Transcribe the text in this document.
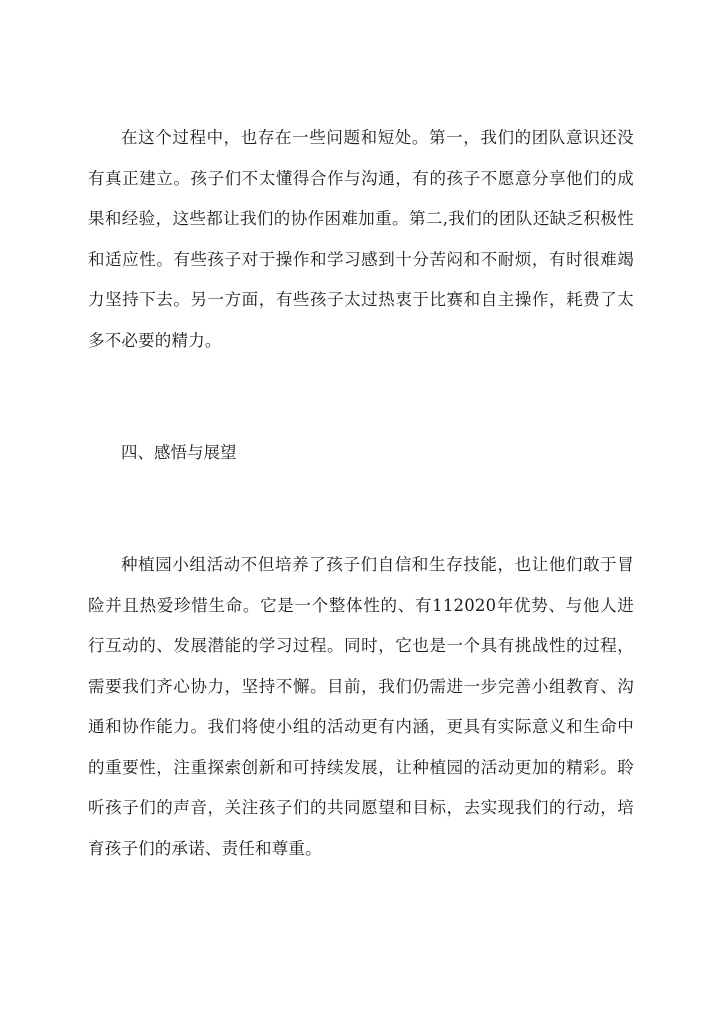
在这个过程中，也存在一些问题和短处。第一，我们的团队意识还没有真正建立。孩子们不太懂得合作与沟通，有的孩子不愿意分享他们的成果和经验，这些都让我们的协作困难加重。第二,我们的团队还缺乏积极性和适应性。有些孩子对于操作和学习感到十分苦闷和不耐烦，有时很难竭力坚持下去。另一方面，有些孩子太过热衷于比赛和自主操作，耗费了太多不必要的精力。

四、感悟与展望

种植园小组活动不但培养了孩子们自信和生存技能，也让他们敢于冒险并且热爱珍惜生命。它是一个整体性的、有112020年优势、与他人进行互动的、发展潜能的学习过程。同时，它也是一个具有挑战性的过程，需要我们齐心协力，坚持不懈。目前，我们仍需进一步完善小组教育、沟通和协作能力。我们将使小组的活动更有内涵，更具有实际意义和生命中的重要性，注重探索创新和可持续发展，让种植园的活动更加的精彩。聆听孩子们的声音，关注孩子们的共同愿望和目标，去实现我们的行动，培育孩子们的承诺、责任和尊重。
